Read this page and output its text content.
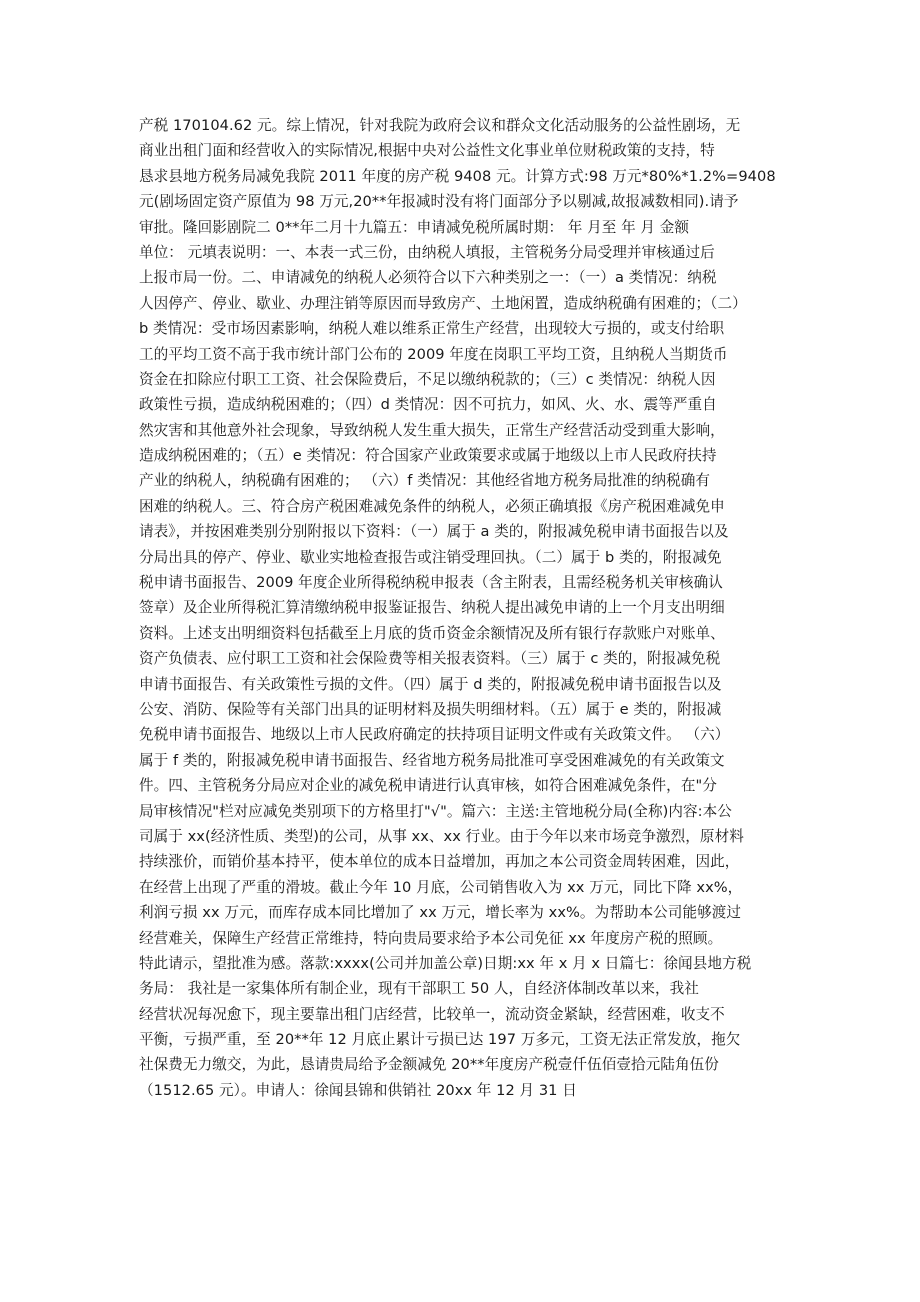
产税 170104.62 元。综上情况，针对我院为政府会议和群众文化活动服务的公益性剧场，无
商业出租门面和经营收入的实际情况,根据中央对公益性文化事业单位财税政策的支持，特
恳求县地方税务局减免我院 2011 年度的房产税 9408 元。计算方式:98 万元*80%*1.2%=9408
元(剧场固定资产原值为 98 万元,20**年报减时没有将门面部分予以剔减,故报减数相同).请予
审批。隆回影剧院二 0**年二月十九篇五：申请减免税所属时期： 年 月至 年 月 金额
单位： 元填表说明：一、本表一式三份，由纳税人填报，主管税务分局受理并审核通过后
上报市局一份。二、申请减免的纳税人必须符合以下六种类别之一：（一）a 类情况：纳税
人因停产、停业、歇业、办理注销等原因而导致房产、土地闲置，造成纳税确有困难的；（二）
b 类情况：受市场因素影响，纳税人难以维系正常生产经营，出现较大亏损的，或支付给职
工的平均工资不高于我市统计部门公布的 2009 年度在岗职工平均工资，且纳税人当期货币
资金在扣除应付职工工资、社会保险费后，不足以缴纳税款的；（三）c 类情况：纳税人因
政策性亏损，造成纳税困难的；（四）d 类情况：因不可抗力，如风、火、水、震等严重自
然灾害和其他意外社会现象，导致纳税人发生重大损失，正常生产经营活动受到重大影响，
造成纳税困难的；（五）e 类情况：符合国家产业政策要求或属于地级以上市人民政府扶持
产业的纳税人，纳税确有困难的； （六）f 类情况：其他经省地方税务局批准的纳税确有
困难的纳税人。三、符合房产税困难减免条件的纳税人，必须正确填报《房产税困难减免申
请表》，并按困难类别分别附报以下资料：（一）属于 a 类的，附报减免税申请书面报告以及
分局出具的停产、停业、歇业实地检查报告或注销受理回执。（二）属于 b 类的，附报减免
税申请书面报告、2009 年度企业所得税纳税申报表（含主附表，且需经税务机关审核确认
签章）及企业所得税汇算清缴纳税申报鉴证报告、纳税人提出减免申请的上一个月支出明细
资料。上述支出明细资料包括截至上月底的货币资金余额情况及所有银行存款账户对账单、
资产负债表、应付职工工资和社会保险费等相关报表资料。（三）属于 c 类的，附报减免税
申请书面报告、有关政策性亏损的文件。（四）属于 d 类的，附报减免税申请书面报告以及
公安、消防、保险等有关部门出具的证明材料及损失明细材料。（五）属于 e 类的，附报减
免税申请书面报告、地级以上市人民政府确定的扶持项目证明文件或有关政策文件。 （六）
属于 f 类的，附报减免税申请书面报告、经省地方税务局批准可享受困难减免的有关政策文
件。四、主管税务分局应对企业的减免税申请进行认真审核，如符合困难减免条件，在"分
局审核情况"栏对应减免类别项下的方格里打"√"。篇六：主送:主管地税分局(全称)内容:本公
司属于 xx(经济性质、类型)的公司，从事 xx、xx 行业。由于今年以来市场竞争激烈，原材料
持续涨价，而销价基本持平，使本单位的成本日益增加，再加之本公司资金周转困难，因此，
在经营上出现了严重的滑坡。截止今年 10 月底，公司销售收入为 xx 万元，同比下降 xx%，
利润亏损 xx 万元，而库存成本同比增加了 xx 万元，增长率为 xx%。为帮助本公司能够渡过
经营难关，保障生产经营正常维持，特向贵局要求给予本公司免征 xx 年度房产税的照顾。
特此请示，望批准为感。落款:xxxx(公司并加盖公章)日期:xx 年 x 月 x 日篇七：徐闻县地方税
务局： 我社是一家集体所有制企业，现有干部职工 50 人，自经济体制改革以来，我社
经营状况每况愈下，现主要靠出租门店经营，比较单一，流动资金紧缺，经营困难，收支不
平衡，亏损严重，至 20**年 12 月底止累计亏损已达 197 万多元，工资无法正常发放，拖欠
社保费无力缴交，为此，恳请贵局给予金额减免 20**年度房产税壹仟伍佰壹拾元陆角伍份
（1512.65 元）。申请人：徐闻县锦和供销社 20xx 年 12 月 31 日
